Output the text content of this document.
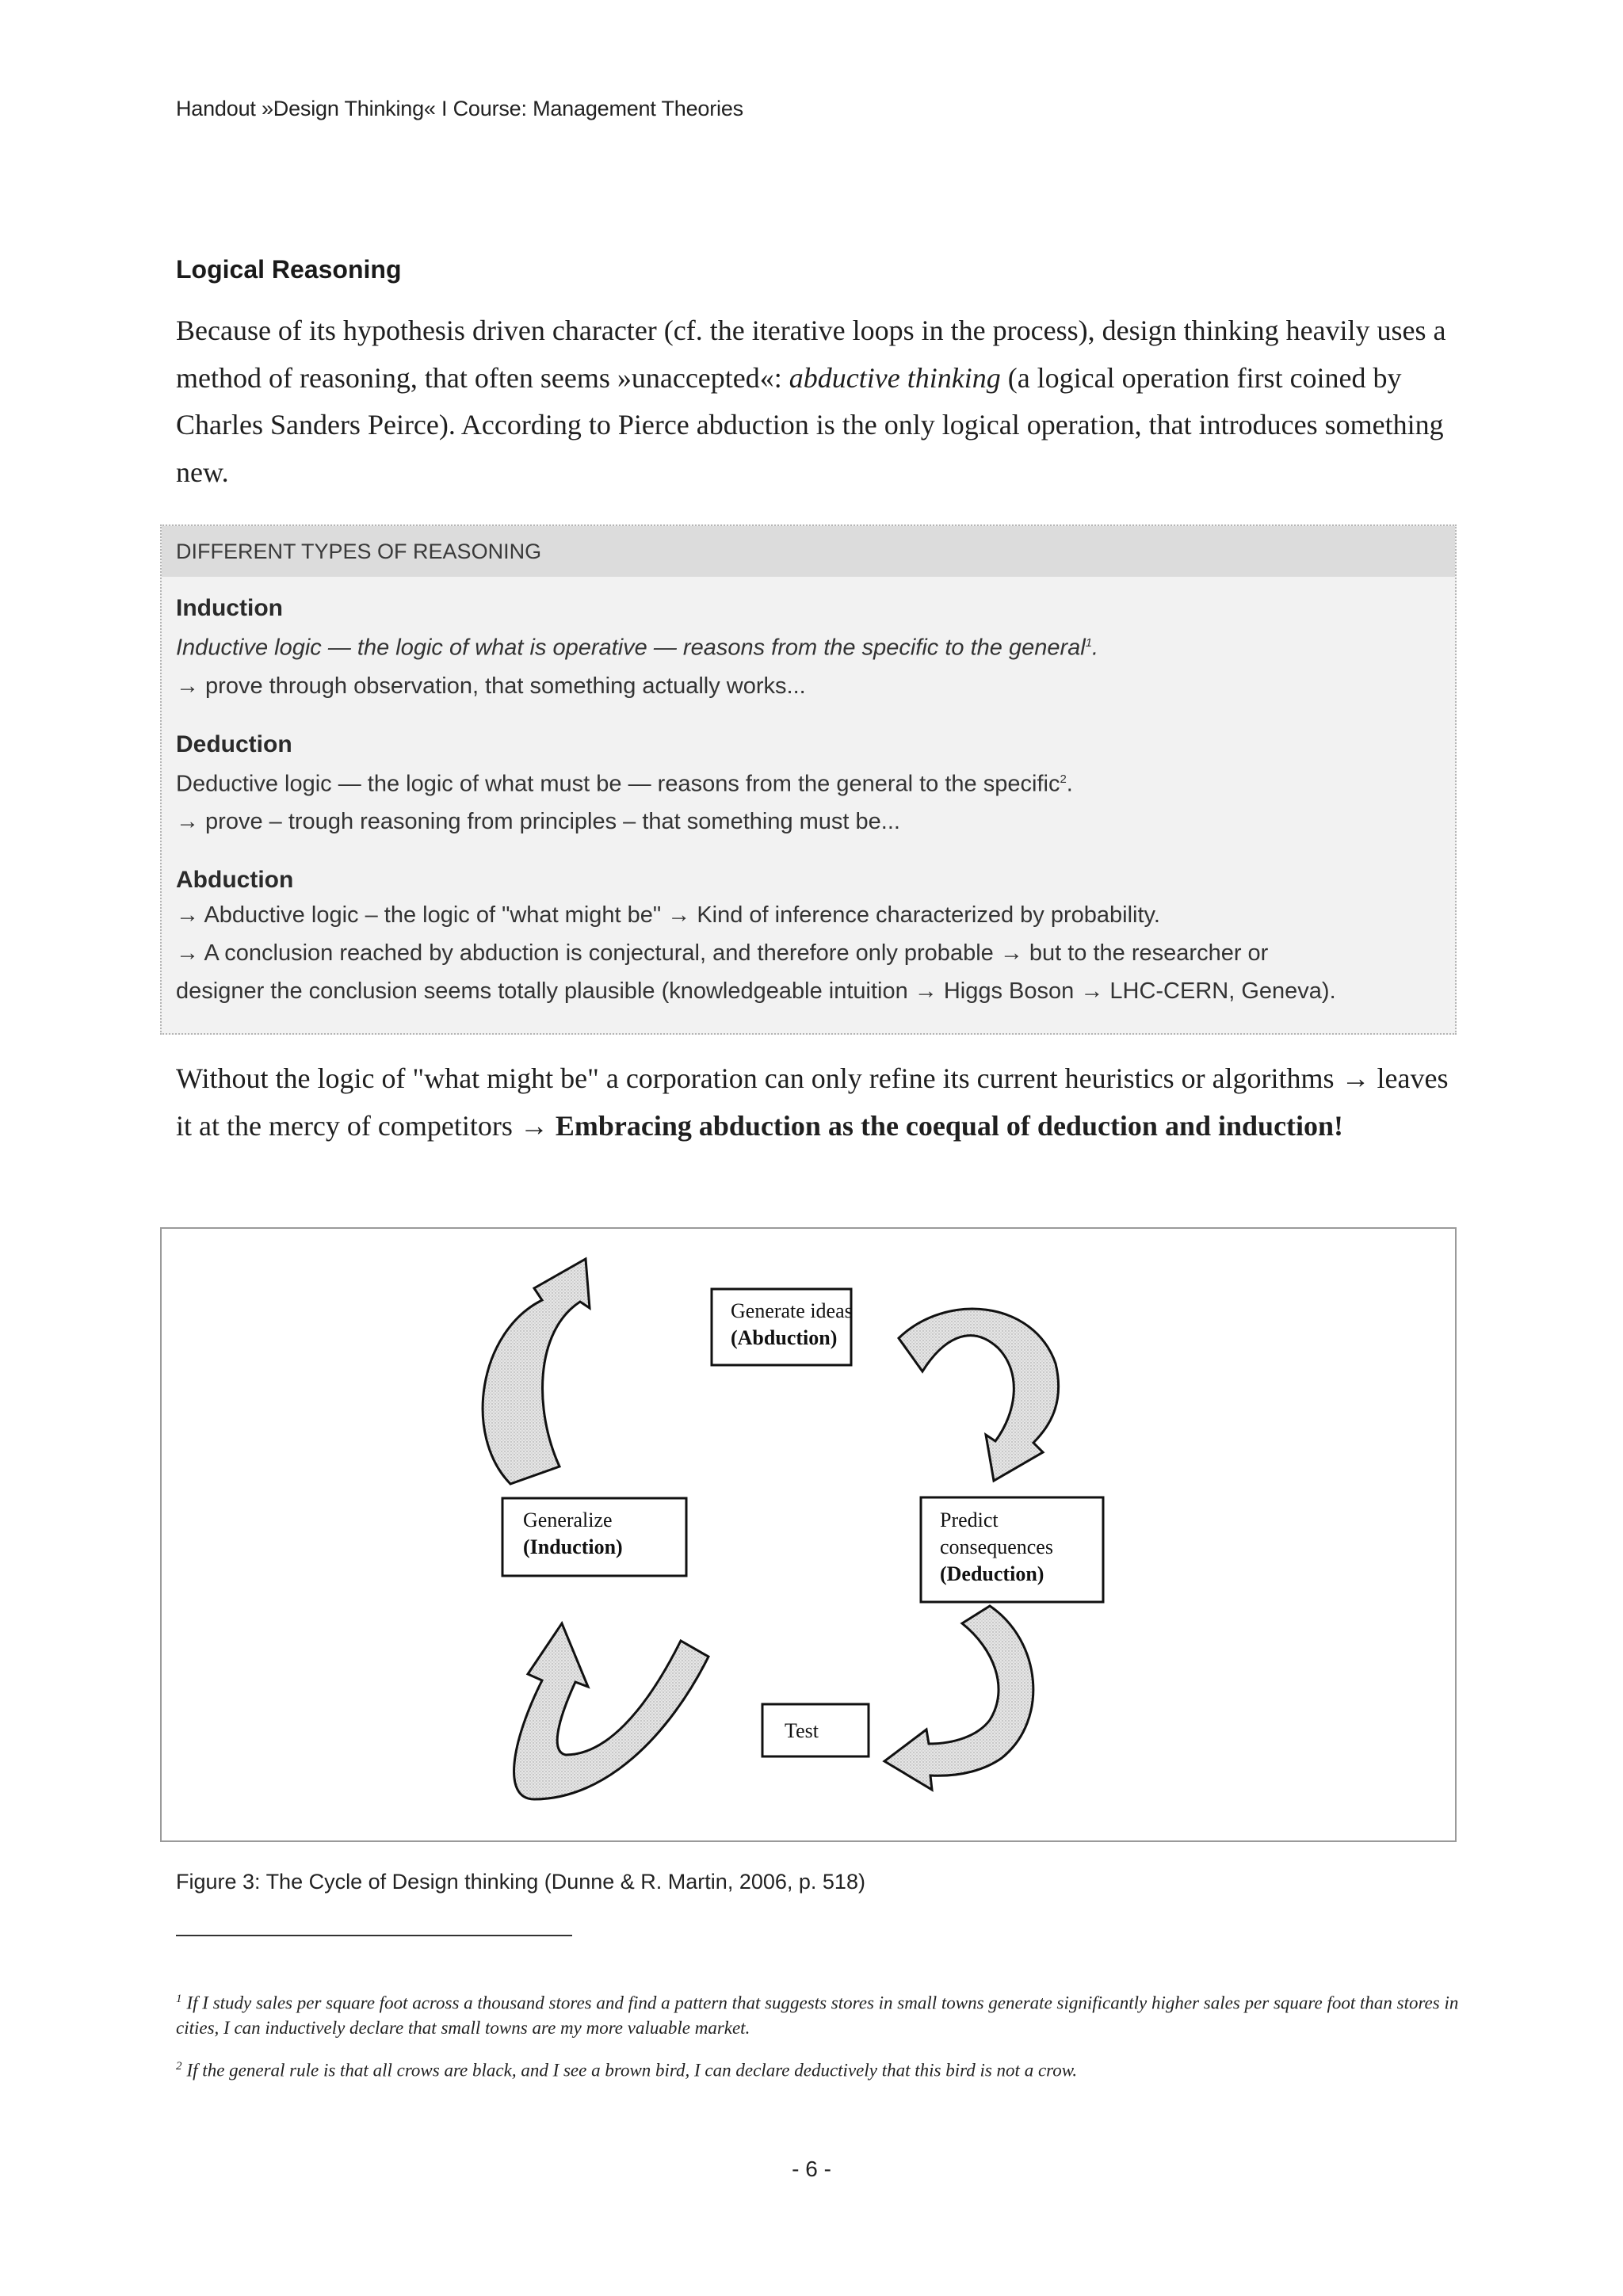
Handout »Design Thinking« I Course: Management Theories
Logical Reasoning
Because of its hypothesis driven character (cf. the iterative loops in the process), design thinking heavily uses a method of reasoning, that often seems »unaccepted«: abductive thinking (a logical operation first coined by Charles Sanders Peirce). According to Pierce abduction is the only logical operation, that introduces something new.
DIFFERENT TYPES OF REASONING
Induction
Inductive logic — the logic of what is operative — reasons from the specific to the general$^1$.
→ prove through observation, that something actually works...
Deduction
Deductive logic — the logic of what must be — reasons from the general to the specific$^2$.
→ prove – trough reasoning from principles – that something must be...
Abduction
→ Abductive logic – the logic of "what might be" → Kind of inference characterized by probability.
→ A conclusion reached by abduction is conjectural, and therefore only probable → but to the researcher or
designer the conclusion seems totally plausible (knowledgeable intuition → Higgs Boson → LHC-CERN, Geneva).
Without the logic of "what might be" a corporation can only refine its current heuristics or algorithms → leaves it at the mercy of competitors → Embracing abduction as the coequal of deduction and induction!
Generate ideas
(Abduction)
Predict
consequences
(Deduction)
Generalize
(Induction)
Test
Figure 3: The Cycle of Design thinking (Dunne & R. Martin, 2006, p. 518)
$^1$ If I study sales per square foot across a thousand stores and find a pattern that suggests stores in small towns generate significantly higher sales per square foot than stores in cities, I can inductively declare that small towns are my more valuable market.
$^2$ If the general rule is that all crows are black, and I see a brown bird, I can declare deductively that this bird is not a crow.
- 6 -
